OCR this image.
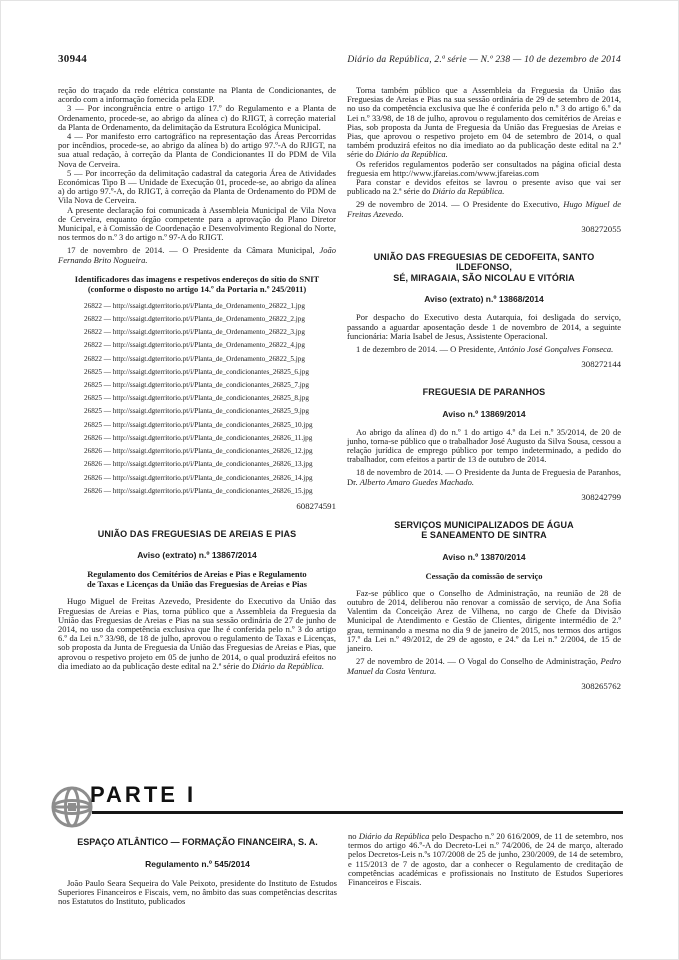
30944	Diário da República, 2.ª série — N.º 238 — 10 de dezembro de 2014

reção do traçado da rede elétrica constante na Planta de Condicionantes, de acordo com a informação fornecida pela EDP.

3 — Por incongruência entre o artigo 17.º do Regulamento e a Planta de Ordenamento, procede-se, ao abrigo da alínea c) do RJIGT, à correção material da Planta de Ordenamento, da delimitação da Estrutura Ecológica Municipal.

4 — Por manifesto erro cartográfico na representação das Áreas Percorridas por incêndios, procede-se, ao abrigo da alínea b) do artigo 97.º-A do RJIGT, na sua atual redação, à correção da Planta de Condicionantes II do PDM de Vila Nova de Cerveira.

5 — Por incorreção da delimitação cadastral da categoria Área de Atividades Económicas Tipo B — Unidade de Execução 01, procede-se, ao abrigo da alínea a) do artigo 97.º-A, do RJIGT, à correção da Planta de Ordenamento do PDM de Vila Nova de Cerveira.

A presente declaração foi comunicada à Assembleia Municipal de Vila Nova de Cerveira, enquanto órgão competente para a aprovação do Plano Diretor Municipal, e à Comissão de Coordenação e Desenvolvimento Regional do Norte, nos termos do n.º 3 do artigo n.º 97-A do RJIGT.

17 de novembro de 2014. — O Presidente da Câmara Municipal, João Fernando Brito Nogueira.

Identificadores das imagens e respetivos endereços do sítio do SNIT
(conforme o disposto no artigo 14.º da Portaria n.º 245/2011)
26822 — http://ssaigt.dgterritorio.pt/i/Planta_de_Ordenamento_26822_1.jpg
26822 — http://ssaigt.dgterritorio.pt/i/Planta_de_Ordenamento_26822_2.jpg
26822 — http://ssaigt.dgterritorio.pt/i/Planta_de_Ordenamento_26822_3.jpg
26822 — http://ssaigt.dgterritorio.pt/i/Planta_de_Ordenamento_26822_4.jpg
26822 — http://ssaigt.dgterritorio.pt/i/Planta_de_Ordenamento_26822_5.jpg
26825 — http://ssaigt.dgterritorio.pt/i/Planta_de_condicionantes_26825_6.jpg
26825 — http://ssaigt.dgterritorio.pt/i/Planta_de_condicionantes_26825_7.jpg
26825 — http://ssaigt.dgterritorio.pt/i/Planta_de_condicionantes_26825_8.jpg
26825 — http://ssaigt.dgterritorio.pt/i/Planta_de_condicionantes_26825_9.jpg
26825 — http://ssaigt.dgterritorio.pt/i/Planta_de_condicionantes_26825_10.jpg
26826 — http://ssaigt.dgterritorio.pt/i/Planta_de_condicionantes_26826_11.jpg
26826 — http://ssaigt.dgterritorio.pt/i/Planta_de_condicionantes_26826_12.jpg
26826 — http://ssaigt.dgterritorio.pt/i/Planta_de_condicionantes_26826_13.jpg
26826 — http://ssaigt.dgterritorio.pt/i/Planta_de_condicionantes_26826_14.jpg
26826 — http://ssaigt.dgterritorio.pt/i/Planta_de_condicionantes_26826_15.jpg
608274591
UNIÃO DAS FREGUESIAS DE AREIAS E PIAS
Aviso (extrato) n.º 13867/2014
Regulamento dos Cemitérios de Areias e Pias e Regulamento
de Taxas e Licenças da União das Freguesias de Areias e Pias

Hugo Miguel de Freitas Azevedo, Presidente do Executivo da União das Freguesias de Areias e Pias, torna público que a Assembleia da Freguesia da União das Freguesias de Areias e Pias na sua sessão ordinária de 27 de junho de 2014, no uso da competência exclusiva que lhe é conferida pelo n.º 3 do artigo 6.º da Lei n.º 33/98, de 18 de julho, aprovou o regulamento de Taxas e Licenças, sob proposta da Junta de Freguesia da União das Freguesias de Areias e Pias, que aprovou o respetivo projeto em 05 de junho de 2014, o qual produzirá efeitos no dia imediato ao da publicação deste edital na 2.ª série do Diário da República.

Torna também público que a Assembleia da Freguesia da União das Freguesias de Areias e Pias na sua sessão ordinária de 29 de setembro de 2014, no uso da competência exclusiva que lhe é conferida pelo n.º 3 do artigo 6.º da Lei n.º 33/98, de 18 de julho, aprovou o regulamento dos cemitérios de Areias e Pias, sob proposta da Junta de Freguesia da União das Freguesias de Areias e Pias, que aprovou o respetivo projeto em 04 de setembro de 2014, o qual também produzirá efeitos no dia imediato ao da publicação deste edital na 2.ª série do Diário da República.

Os referidos regulamentos poderão ser consultados na página oficial desta freguesia em http://www.jfareias.com/www.jfareias.com

Para constar e devidos efeitos se lavrou o presente aviso que vai ser publicado na 2.ª série do Diário da República.

29 de novembro de 2014. — O Presidente do Executivo, Hugo Miguel de Freitas Azevedo.

308272055
UNIÃO DAS FREGUESIAS DE CEDOFEITA, SANTO ILDEFONSO,
SÉ, MIRAGAIA, SÃO NICOLAU E VITÓRIA
Aviso (extrato) n.º 13868/2014

Por despacho do Executivo desta Autarquia, foi desligada do serviço, passando a aguardar aposentação desde 1 de novembro de 2014, a seguinte funcionária: Maria Isabel de Jesus, Assistente Operacional.

1 de dezembro de 2014. — O Presidente, António José Gonçalves Fonseca.

308272144
FREGUESIA DE PARANHOS
Aviso n.º 13869/2014

Ao abrigo da alínea d) do n.º 1 do artigo 4.º da Lei n.º 35/2014, de 20 de junho, torna-se público que o trabalhador José Augusto da Silva Sousa, cessou a relação jurídica de emprego público por tempo indeterminado, a pedido do trabalhador, com efeitos a partir de 13 de outubro de 2014.

18 de novembro de 2014. — O Presidente da Junta de Freguesia de Paranhos, Dr. Alberto Amaro Guedes Machado.

308242799
SERVIÇOS MUNICIPALIZADOS DE ÁGUA
E SANEAMENTO DE SINTRA
Aviso n.º 13870/2014
Cessação da comissão de serviço

Faz-se público que o Conselho de Administração, na reunião de 28 de outubro de 2014, deliberou não renovar a comissão de serviço, de Ana Sofia Valentim da Conceição Arez de Vilhena, no cargo de Chefe da Divisão Municipal de Atendimento e Gestão de Clientes, dirigente intermédio de 2.º grau, terminando a mesma no dia 9 de janeiro de 2015, nos termos dos artigos 17.º da Lei n.º 49/2012, de 29 de agosto, e 24.º da Lei n.º 2/2004, de 15 de janeiro.

27 de novembro de 2014. — O Vogal do Conselho de Administração, Pedro Manuel da Costa Ventura.

308265762
PARTE I
ESPAÇO ATLÂNTICO — FORMAÇÃO FINANCEIRA, S. A.
Regulamento n.º 545/2014

João Paulo Seara Sequeira do Vale Peixoto, presidente do Instituto de Estudos Superiores Financeiros e Fiscais, vem, no âmbito das suas competências descritas nos Estatutos do Instituto, publicados

no Diário da República pelo Despacho n.º 20 616/2009, de 11 de setembro, nos termos do artigo 46.º-A do Decreto-Lei n.º 74/2006, de 24 de março, alterado pelos Decretos-Leis n.ºs 107/2008 de 25 de junho, 230/2009, de 14 de setembro, e 115/2013 de 7 de agosto, dar a conhecer o Regulamento de creditação de competências académicas e profissionais no Instituto de Estudos Superiores Financeiros e Fiscais.
